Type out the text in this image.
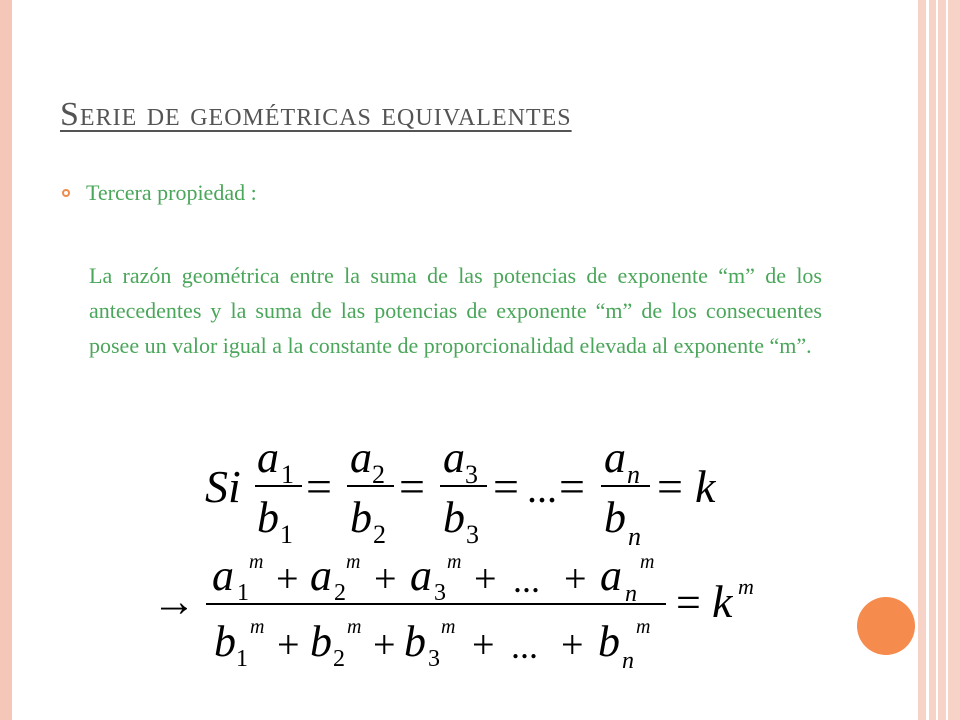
Serie de geométricas equivalentes
Tercera propiedad :

La razón geométrica entre la suma de las potencias de exponente “m” de los antecedentes y la suma de las potencias de exponente “m” de los consecuentes posee un valor igual a la constante de proporcionalidad elevada al exponente “m”.

Si
a 1
b 1
=
a 2
b 2
=
a 3
b 3
= ... =
a n
b n
= k
→
a 1
m + a 2
m + a 3
m + ... + a n
m
b 1
m + b 2
m + b 3
m + ... + b n
m = k m
